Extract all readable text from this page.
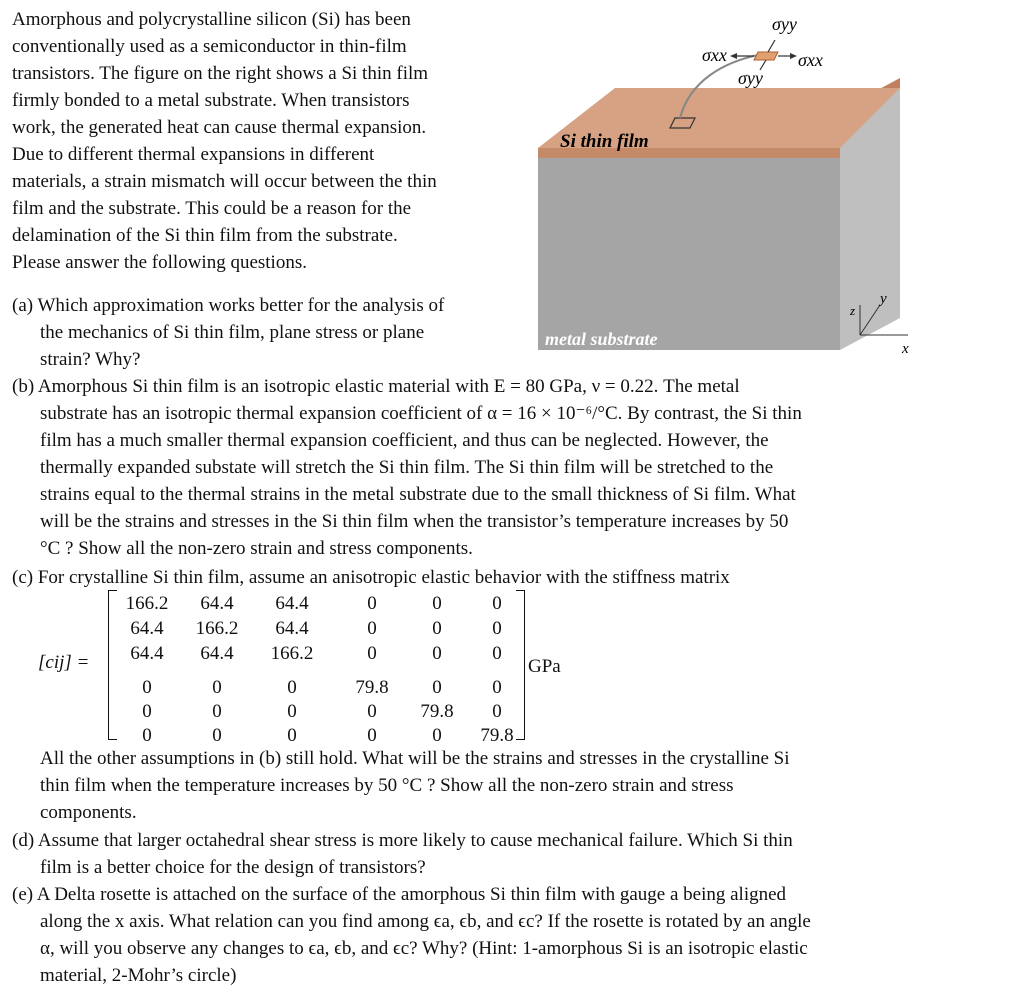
Amorphous and polycrystalline silicon (Si) has been
conventionally used as a semiconductor in thin-film
transistors. The figure on the right shows a Si thin film
firmly bonded to a metal substrate. When transistors
work, the generated heat can cause thermal expansion.
Due to different thermal expansions in different
materials, a strain mismatch will occur between the thin
film and the substrate. This could be a reason for the
delamination of the Si thin film from the substrate.
Please answer the following questions.
σyy
σxx	σxx
σyy
Si thin film
metal substrate
z
y
x
(a) Which approximation works better for the analysis of
the mechanics of Si thin film, plane stress or plane
strain? Why?
(b) Amorphous Si thin film is an isotropic elastic material with E = 80 GPa, ν = 0.22. The metal
substrate has an isotropic thermal expansion coefficient of α = 16 × 10⁻⁶/°C. By contrast, the Si thin
film has a much smaller thermal expansion coefficient, and thus can be neglected. However, the
thermally expanded substate will stretch the Si thin film. The Si thin film will be stretched to the
strains equal to the thermal strains in the metal substrate due to the small thickness of Si film. What
will be the strains and stresses in the Si thin film when the transistor’s temperature increases by 50
°C ? Show all the non-zero strain and stress components.
(c) For crystalline Si thin film, assume an anisotropic elastic behavior with the stiffness matrix
[cij] =	GPa
166.2	64.4	64.4	0	0	0
64.4	166.2	64.4	0	0	0
64.4	64.4	166.2	0	0	0
0	0	0	79.8	0	0
0	0	0	0	79.8	0
0	0	0	0	0	79.8
All the other assumptions in (b) still hold. What will be the strains and stresses in the crystalline Si
thin film when the temperature increases by 50 °C ? Show all the non-zero strain and stress
components.
(d) Assume that larger octahedral shear stress is more likely to cause mechanical failure. Which Si thin
film is a better choice for the design of transistors?
(e) A Delta rosette is attached on the surface of the amorphous Si thin film with gauge a being aligned
along the x axis. What relation can you find among ϵa, ϵb, and ϵc? If the rosette is rotated by an angle
α, will you observe any changes to ϵa, ϵb, and ϵc? Why? (Hint: 1-amorphous Si is an isotropic elastic
material, 2-Mohr’s circle)
